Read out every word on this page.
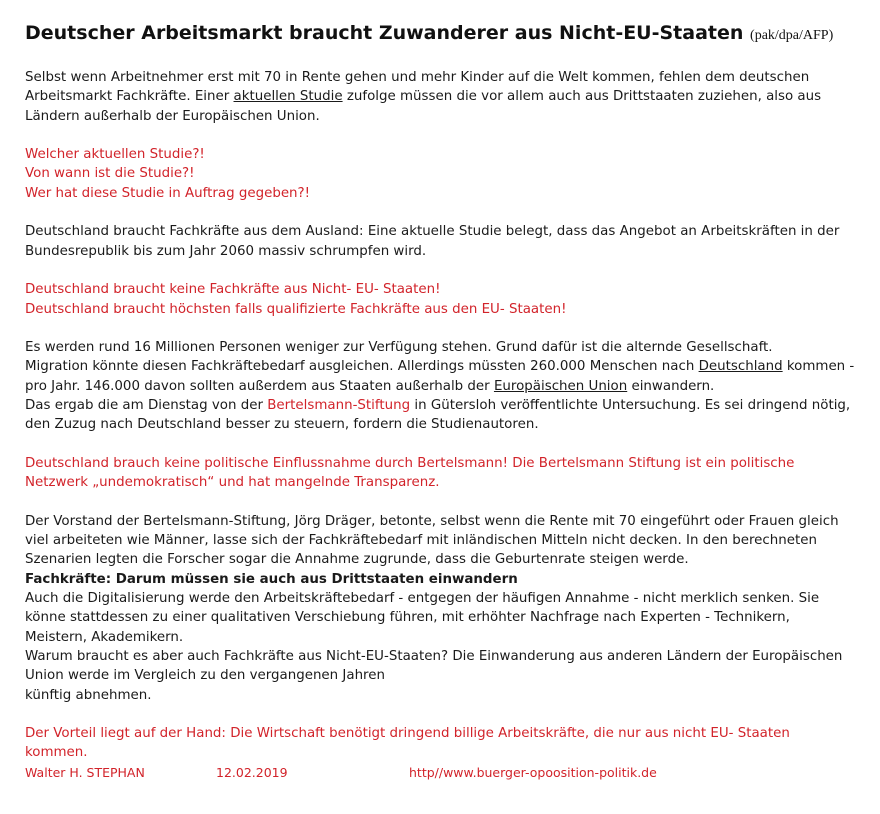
Deutscher Arbeitsmarkt braucht Zuwanderer aus Nicht-EU-Staaten (pak/dpa/AFP)

Selbst wenn Arbeitnehmer erst mit 70 in Rente gehen und mehr Kinder auf die Welt kommen, fehlen dem deutschen Arbeitsmarkt Fachkräfte. Einer aktuellen Studie zufolge müssen die vor allem auch aus Drittstaaten zuziehen, also aus Ländern außerhalb der Europäischen Union.

Welcher aktuellen Studie?!
Von wann ist die Studie?!
Wer hat diese Studie in Auftrag gegeben?!

Deutschland braucht Fachkräfte aus dem Ausland: Eine aktuelle Studie belegt, dass das Angebot an Arbeitskräften in der Bundesrepublik bis zum Jahr 2060 massiv schrumpfen wird.

Deutschland braucht keine Fachkräfte aus Nicht- EU- Staaten!
Deutschland braucht höchsten falls qualifizierte Fachkräfte aus den EU- Staaten!

Es werden rund 16 Millionen Personen weniger zur Verfügung stehen. Grund dafür ist die alternde Gesellschaft.
Migration könnte diesen Fachkräftebedarf ausgleichen. Allerdings müssten 260.000 Menschen nach Deutschland kommen - pro Jahr. 146.000 davon sollten außerdem aus Staaten außerhalb der Europäischen Union einwandern.
Das ergab die am Dienstag von der Bertelsmann-Stiftung in Gütersloh veröffentlichte Untersuchung. Es sei dringend nötig, den Zuzug nach Deutschland besser zu steuern, fordern die Studienautoren.

Deutschland brauch keine politische Einflussnahme durch Bertelsmann! Die Bertelsmann Stiftung ist ein politische Netzwerk „undemokratisch“ und hat mangelnde Transparenz.

Der Vorstand der Bertelsmann-Stiftung, Jörg Dräger, betonte, selbst wenn die Rente mit 70 eingeführt oder Frauen gleich viel arbeiteten wie Männer, lasse sich der Fachkräftebedarf mit inländischen Mitteln nicht decken. In den berechneten Szenarien legten die Forscher sogar die Annahme zugrunde, dass die Geburtenrate steigen werde.

Fachkräfte: Darum müssen sie auch aus Drittstaaten einwandern

Auch die Digitalisierung werde den Arbeitskräftebedarf - entgegen der häufigen Annahme - nicht merklich senken. Sie könne stattdessen zu einer qualitativen Verschiebung führen, mit erhöhter Nachfrage nach Experten - Technikern, Meistern, Akademikern.

Warum braucht es aber auch Fachkräfte aus Nicht-EU-Staaten? Die Einwanderung aus anderen Ländern der Europäischen Union werde im Vergleich zu den vergangenen Jahren
künftig abnehmen.

Der Vorteil liegt auf der Hand: Die Wirtschaft benötigt dringend billige Arbeitskräfte, die nur aus nicht EU- Staaten kommen.

Walter H. STEPHAN	12.02.2019	http//www.buerger-opoosition-politik.de
